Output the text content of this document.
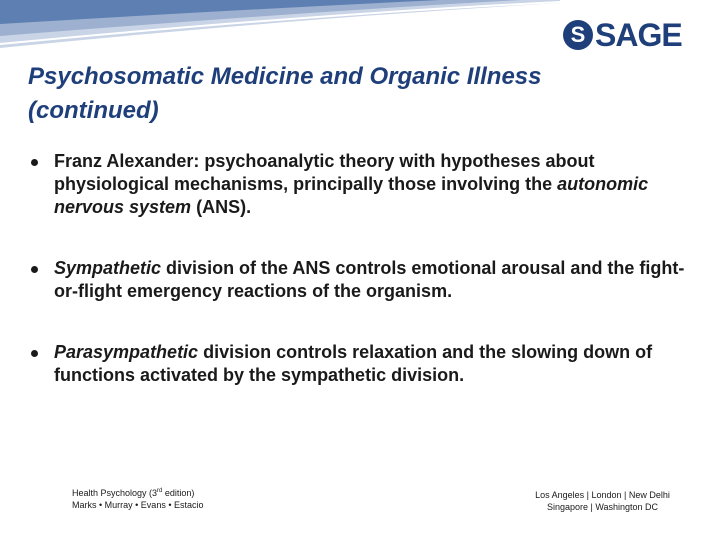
S SAGE
Psychosomatic Medicine and Organic Illness
(continued)
Franz Alexander: psychoanalytic theory with hypotheses about physiological mechanisms, principally those involving the autonomic nervous system (ANS).
Sympathetic division of the ANS controls emotional arousal and the fight-or-flight emergency reactions of the organism.
Parasympathetic division controls relaxation and the slowing down of functions activated by the sympathetic division.
Health Psychology (3rd edition)
Marks • Murray • Evans • Estacio
Los Angeles | London | New Delhi
Singapore | Washington DC
